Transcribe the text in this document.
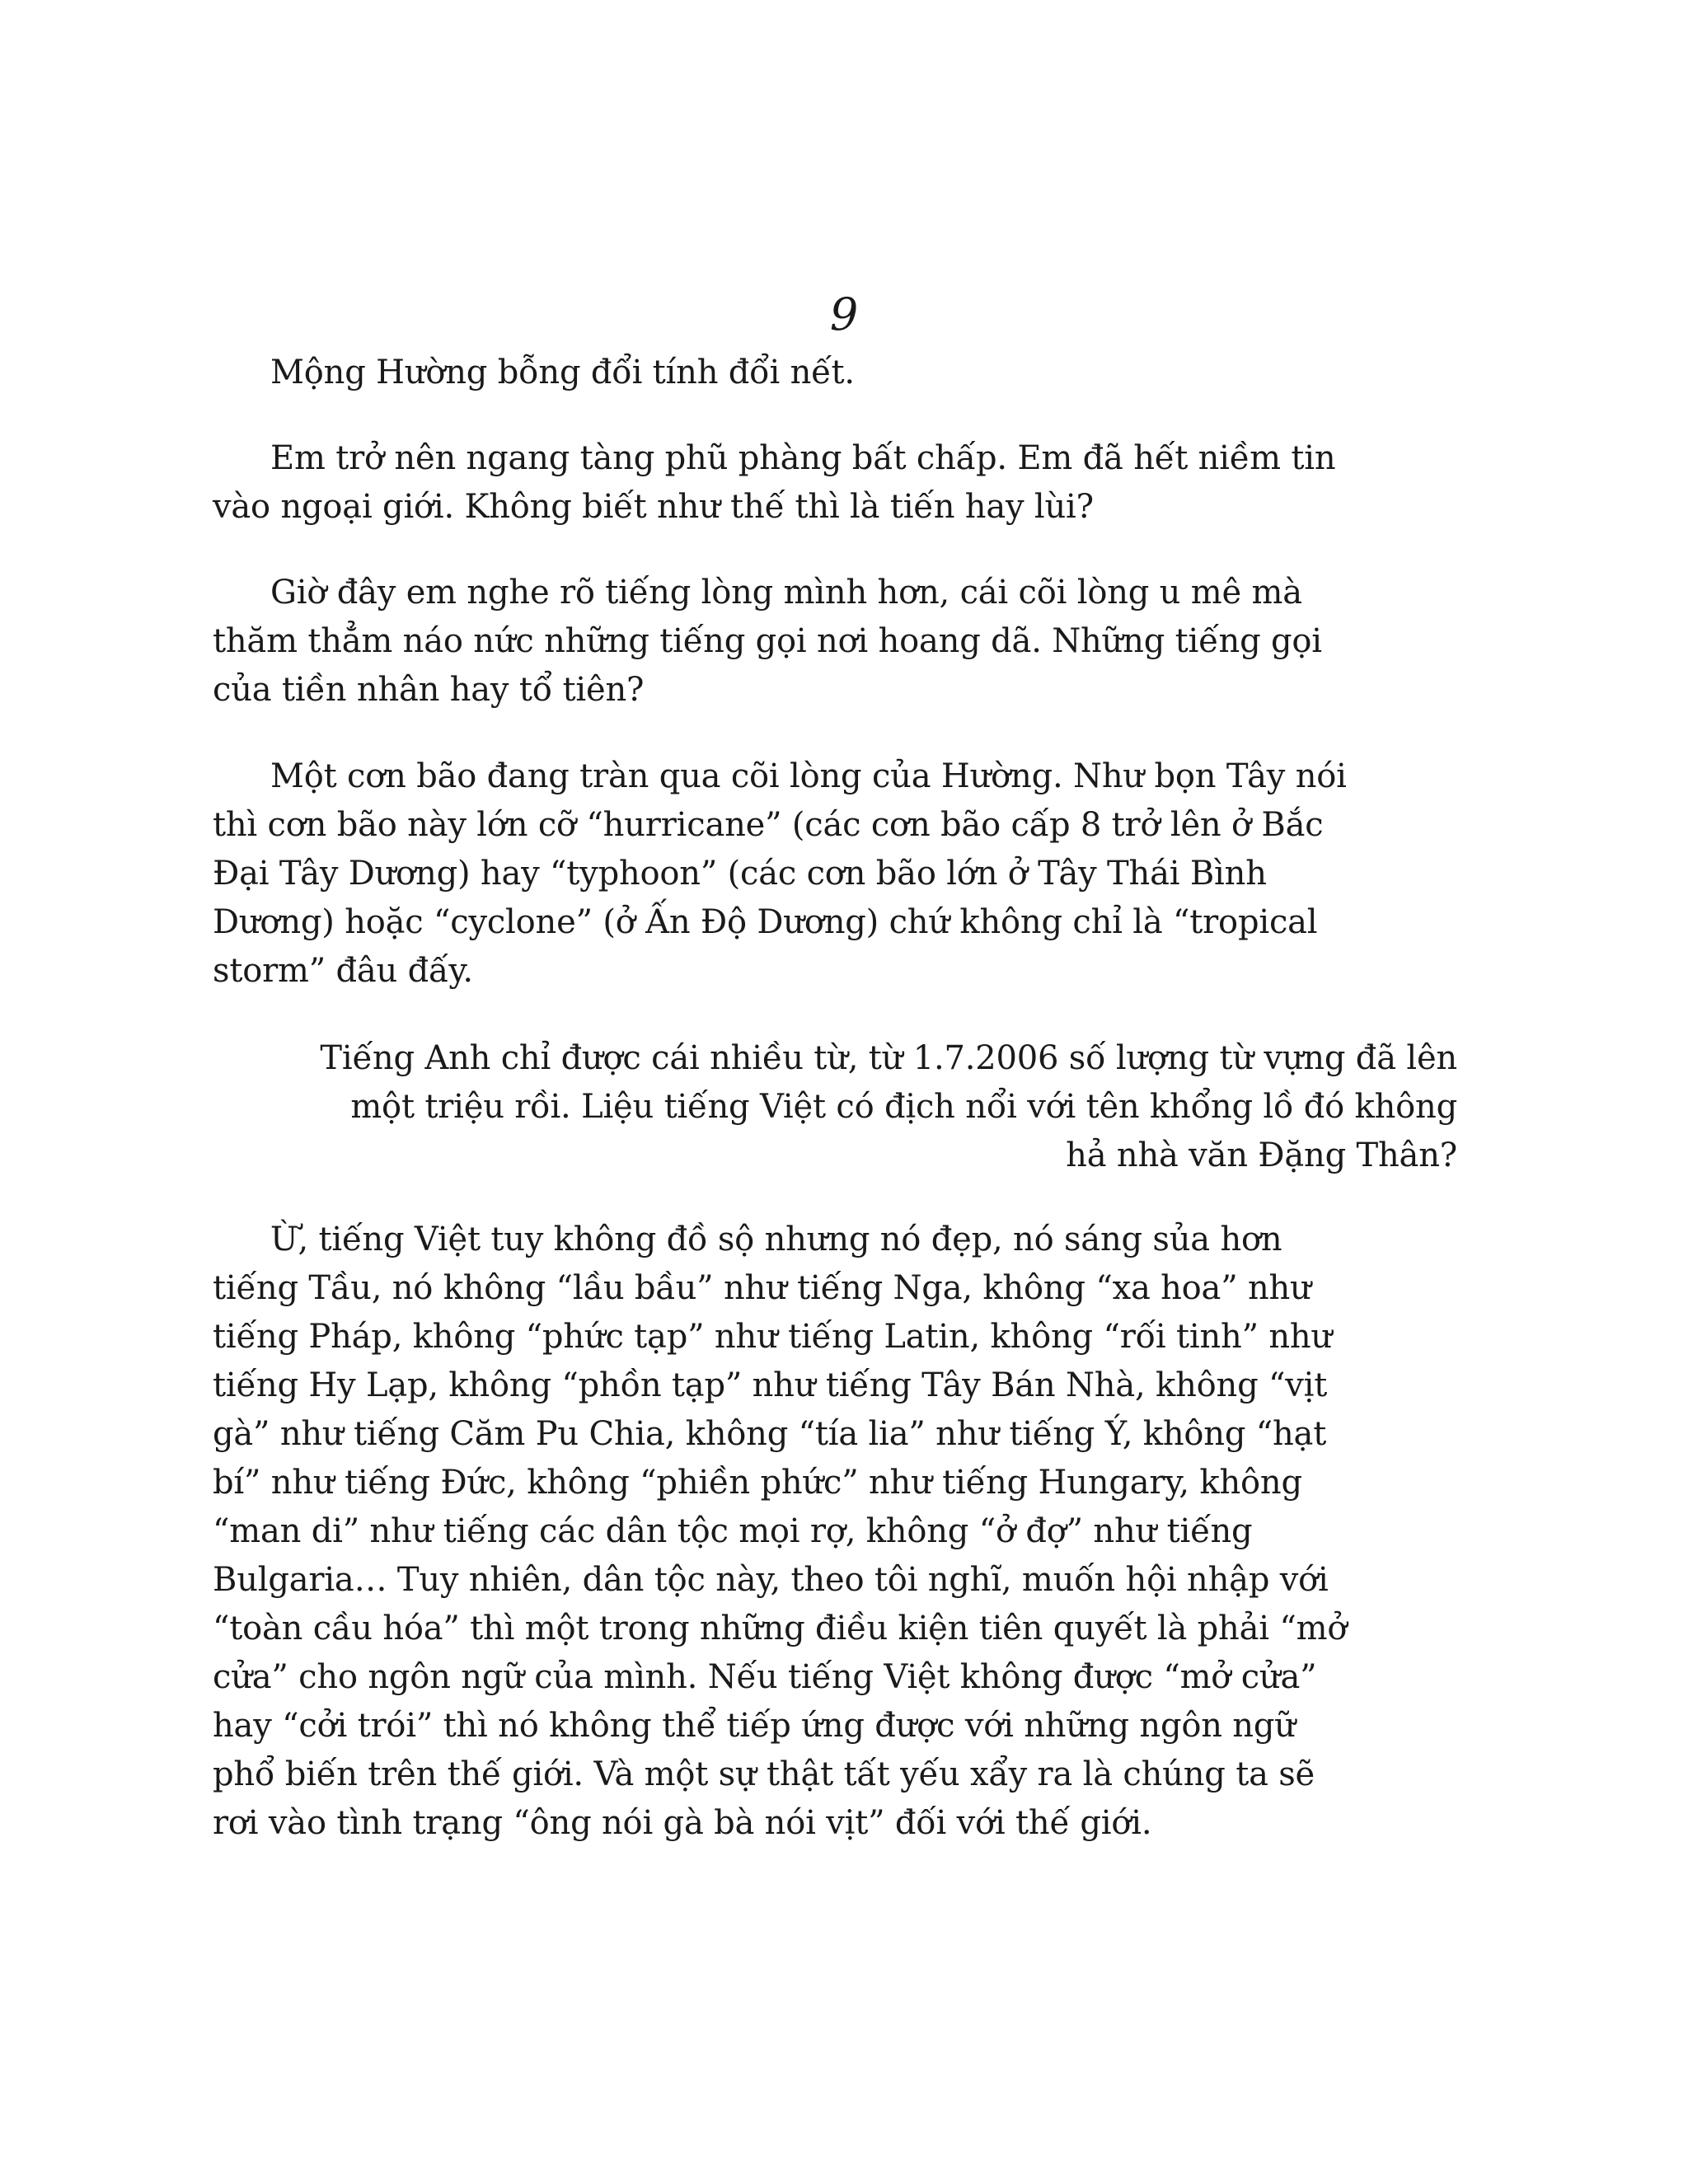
9
Mộng Hường bỗng đổi tính đổi nết.
Em trở nên ngang tàng phũ phàng bất chấp. Em đã hết niềm tin
vào ngoại giới. Không biết như thế thì là tiến hay lùi?
Giờ đây em nghe rõ tiếng lòng mình hơn, cái cõi lòng u mê mà
thăm thẳm náo nức những tiếng gọi nơi hoang dã. Những tiếng gọi
của tiền nhân hay tổ tiên?
Một cơn bão đang tràn qua cõi lòng của Hường. Như bọn Tây nói
thì cơn bão này lớn cỡ “hurricane” (các cơn bão cấp 8 trở lên ở Bắc
Đại Tây Dương) hay “typhoon” (các cơn bão lớn ở Tây Thái Bình
Dương) hoặc “cyclone” (ở Ấn Độ Dương) chứ không chỉ là “tropical
storm” đâu đấy.
Tiếng Anh chỉ được cái nhiều từ, từ 1.7.2006 số lượng từ vựng đã lên
một triệu rồi. Liệu tiếng Việt có địch nổi với tên khổng lồ đó không
hả nhà văn Đặng Thân?
Ừ, tiếng Việt tuy không đồ sộ nhưng nó đẹp, nó sáng sủa hơn
tiếng Tầu, nó không “lầu bầu” như tiếng Nga, không “xa hoa” như
tiếng Pháp, không “phức tạp” như tiếng Latin, không “rối tinh” như
tiếng Hy Lạp, không “phồn tạp” như tiếng Tây Bán Nhà, không “vịt
gà” như tiếng Căm Pu Chia, không “tía lia” như tiếng Ý, không “hạt
bí” như tiếng Đức, không “phiền phức” như tiếng Hungary, không
“man di” như tiếng các dân tộc mọi rợ, không “ở đợ” như tiếng
Bulgaria… Tuy nhiên, dân tộc này, theo tôi nghĩ, muốn hội nhập với
“toàn cầu hóa” thì một trong những điều kiện tiên quyết là phải “mở
cửa” cho ngôn ngữ của mình. Nếu tiếng Việt không được “mở cửa”
hay “cởi trói” thì nó không thể tiếp ứng được với những ngôn ngữ
phổ biến trên thế giới. Và một sự thật tất yếu xẩy ra là chúng ta sẽ
rơi vào tình trạng “ông nói gà bà nói vịt” đối với thế giới.
